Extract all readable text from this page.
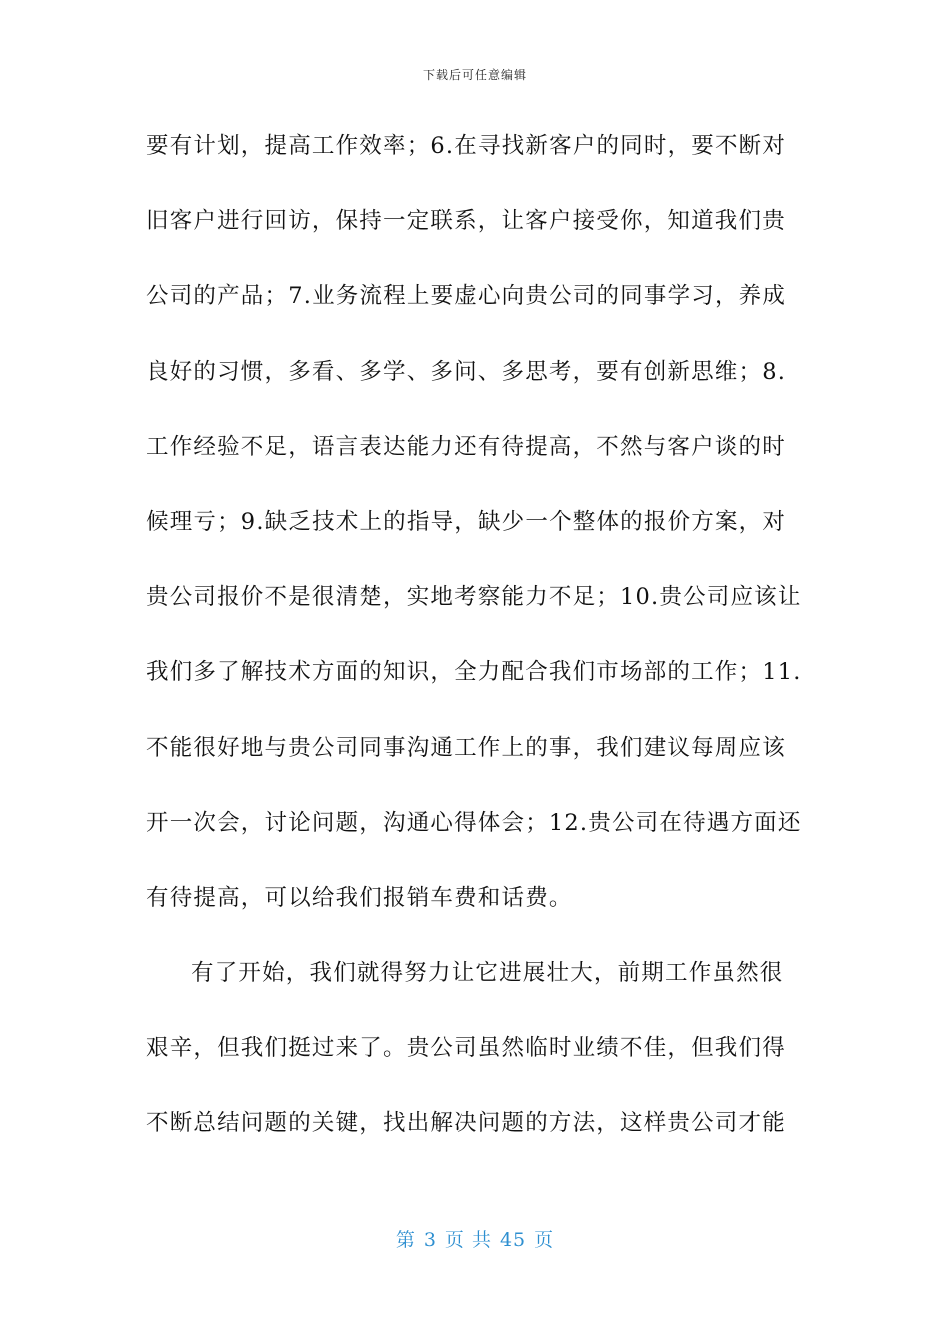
下载后可任意编辑
要有计划，提高工作效率；6.在寻找新客户的同时，要不断对
旧客户进行回访，保持一定联系，让客户接受你，知道我们贵
公司的产品；7.业务流程上要虚心向贵公司的同事学习，养成
良好的习惯，多看、多学、多问、多思考，要有创新思维；8.
工作经验不足，语言表达能力还有待提高，不然与客户谈的时
候理亏；9.缺乏技术上的指导，缺少一个整体的报价方案，对
贵公司报价不是很清楚，实地考察能力不足；10.贵公司应该让
我们多了解技术方面的知识，全力配合我们市场部的工作；11.
不能很好地与贵公司同事沟通工作上的事，我们建议每周应该
开一次会，讨论问题，沟通心得体会；12.贵公司在待遇方面还
有待提高，可以给我们报销车费和话费。
有了开始，我们就得努力让它进展壮大，前期工作虽然很
艰辛，但我们挺过来了。贵公司虽然临时业绩不佳，但我们得
不断总结问题的关键，找出解决问题的方法，这样贵公司才能
第 3 页 共 45 页
